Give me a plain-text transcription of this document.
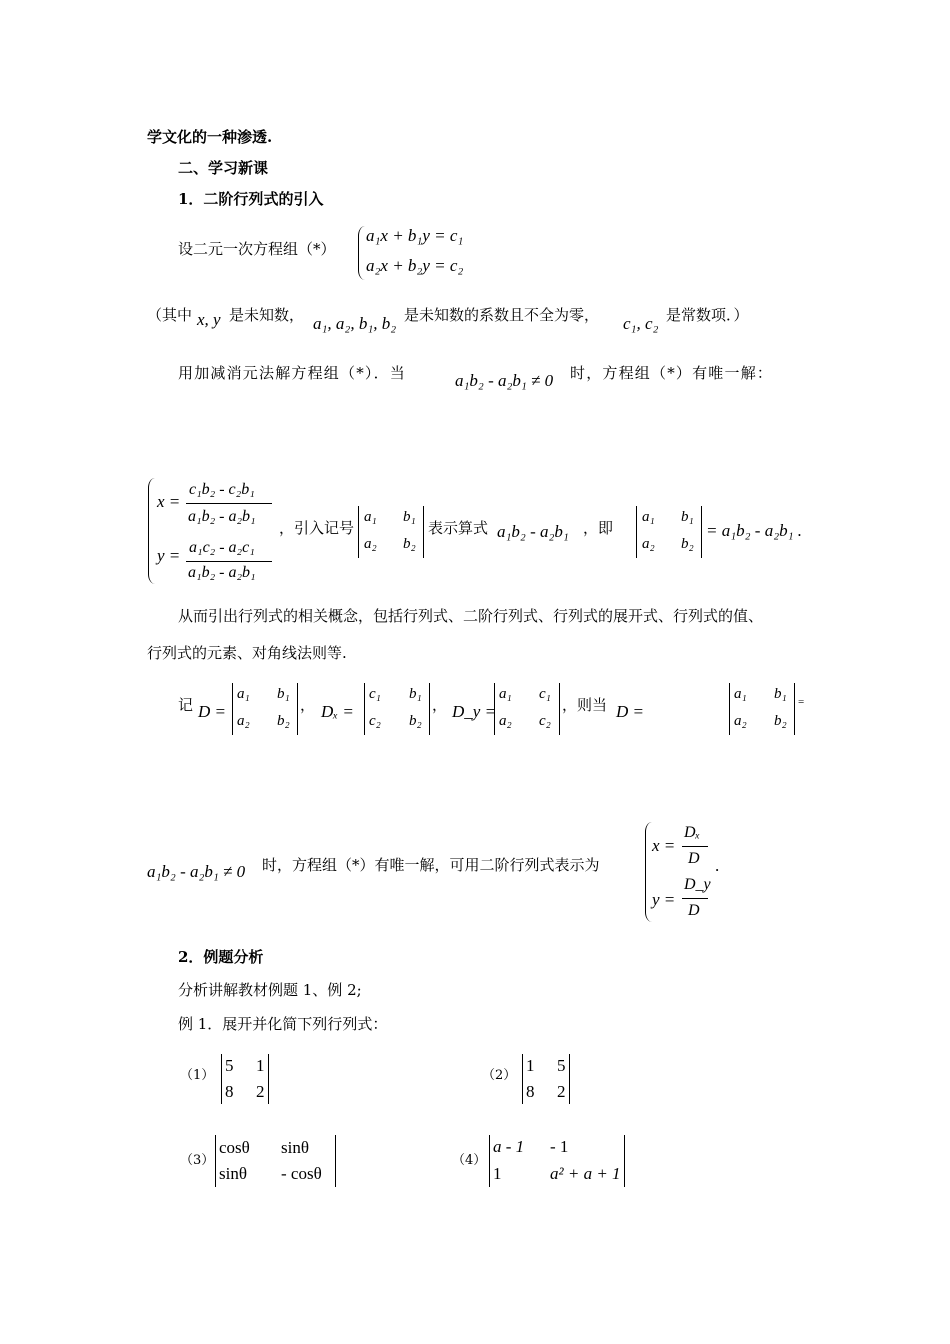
学文化的一种渗透.
二、学习新课
1．二阶行列式的引入
设二元一次方程组（*）
a₁x + b₁y = c₁
a₂x + b₂y = c₂
（其中 x, y 是未知数， a₁, a₂, b₁, b₂ 是未知数的系数且不全为零， c₁, c₂ 是常数项．）
用加减消元法解方程组（*）．当	a₁b₂ - a₂b₁ ≠ 0 时，方程组（*）有唯一解：
x =
c₁b₂ - c₂b₁
a₁b₂ - a₂b₁
y = a₁c₂ - a₂c₁
a₁b₂ - a₂b₁
，引入记号
a₁ b₁
a₂ b₂
表示算式 a₁b₂ - a₂b₁ ，即
a₁ b₁
a₂ b₂
= a₁b₂ - a₂b₁ .
从而引出行列式的相关概念，包括行列式、二阶行列式、行列式的展开式、行列式的值、
行列式的元素、对角线法则等.
记 D =
a₁ b₁
a₂ b₂
， Dₓ =
c₁ b₁
c₂ b₂
， D_y =
a₁ c₁
a₂ c₂
，则当 D =
a₁ b₁
a₂ b₂
=
a₁b₂ - a₂b₁ ≠ 0 时，方程组（*）有唯一解，可用二阶行列式表示为
x =
Dₓ
D
y =
D_y
D
.
2．例题分析
分析讲解教材例题 1、例 2;
例 1．展开并化简下列行列式：
（1）
5 1
8 2
（2）
1 5
8 2
（3）
cosθ sinθ
sinθ - cosθ
（4）
a - 1 - 1
1	a² + a + 1
